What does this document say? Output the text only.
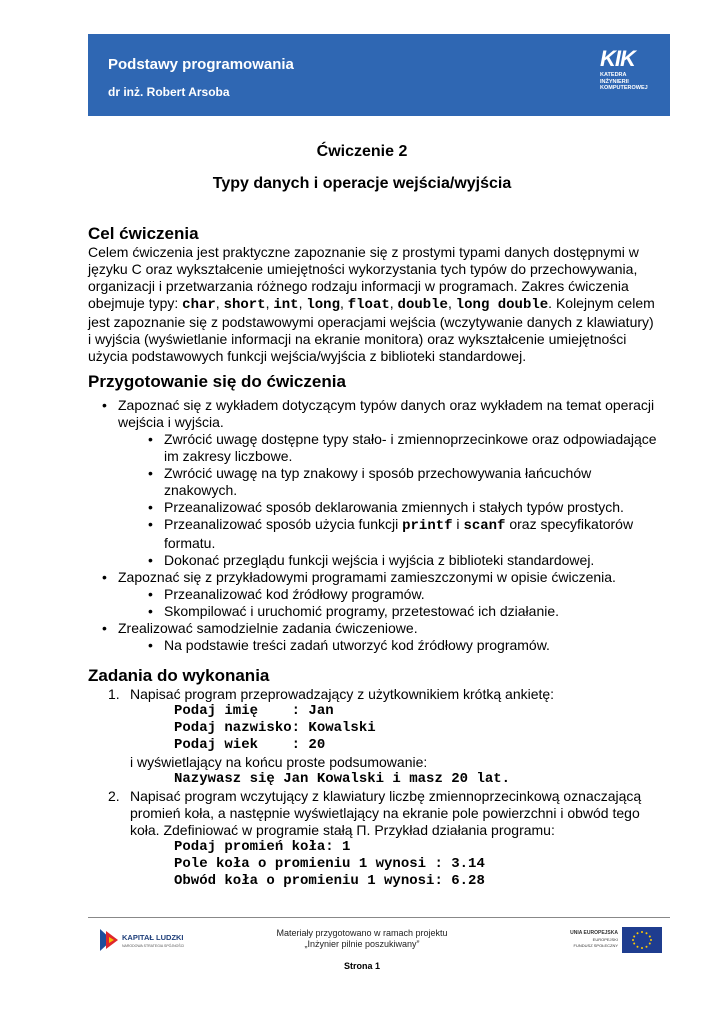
Podstawy programowania
dr inż. Robert Arsoba
KIK
KATEDRA
INŻYNIERII
KOMPUTEROWEJ
Ćwiczenie 2
Typy danych i operacje wejścia/wyjścia
Cel ćwiczenia

Celem ćwiczenia jest praktyczne zapoznanie się z prostymi typami danych dostępnymi w języku C oraz wykształcenie umiejętności wykorzystania tych typów do przechowywania, organizacji i przetwarzania różnego rodzaju informacji w programach. Zakres ćwiczenia obejmuje typy: char, short, int, long, float, double, long double. Kolejnym celem jest zapoznanie się z podstawowymi operacjami wejścia (wczytywanie danych z klawiatury) i wyjścia (wyświetlanie informacji na ekranie monitora) oraz wykształcenie umiejętności użycia podstawowych funkcji wejścia/wyjścia z biblioteki standardowej.

Przygotowanie się do ćwiczenia
• Zapoznać się z wykładem dotyczącym typów danych oraz wykładem na temat operacji wejścia i wyjścia.
• Zwrócić uwagę dostępne typy stało- i zmiennoprzecinkowe oraz odpowiadające im zakresy liczbowe.
• Zwrócić uwagę na typ znakowy i sposób przechowywania łańcuchów znakowych.
• Przeanalizować sposób deklarowania zmiennych i stałych typów prostych.
• Przeanalizować sposób użycia funkcji printf i scanf oraz specyfikatorów formatu.
• Dokonać przeglądu funkcji wejścia i wyjścia z biblioteki standardowej.
• Zapoznać się z przykładowymi programami zamieszczonymi w opisie ćwiczenia.
• Przeanalizować kod źródłowy programów.
• Skompilować i uruchomić programy, przetestować ich działanie.
• Zrealizować samodzielnie zadania ćwiczeniowe.
• Na podstawie treści zadań utworzyć kod źródłowy programów.
Zadania do wykonania
1. Napisać program przeprowadzający z użytkownikiem krótką ankietę:
Podaj imię    : Jan
Podaj nazwisko: Kowalski
Podaj wiek    : 20
i wyświetlający na końcu proste podsumowanie:
Nazywasz się Jan Kowalski i masz 20 lat.
2. Napisać program wczytujący z klawiatury liczbę zmiennoprzecinkową oznaczającą promień koła, a następnie wyświetlający na ekranie pole powierzchni i obwód tego koła. Zdefiniować w programie stałą Π. Przykład działania programu:
Podaj promień koła: 1
Pole koła o promieniu 1 wynosi : 3.14
Obwód koła o promieniu 1 wynosi: 6.28
KAPITAŁ LUDZKI
NARODOWA STRATEGIA SPÓJNOŚCI
Materiały przygotowano w ramach projektu
„Inżynier pilnie poszukiwany”
UNIA EUROPEJSKA
EUROPEJSKI
FUNDUSZ SPOŁECZNY
Strona 1
